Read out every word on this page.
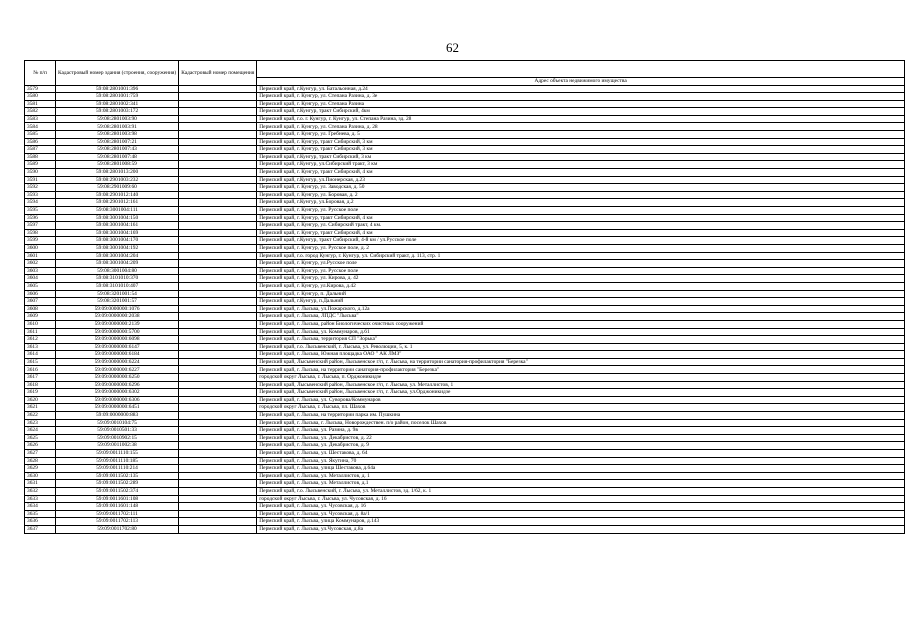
62
№ п/п	Кадастровый номер здания (строения, сооружения)	Кадастровый номер помещения	
			Адрес объекта недвижимого имущества
3579	59:08:2801001:396		Пермский край, г.Кунгур, ул. Батальонная, д.24
3580	59:08:2801001:759		Пермский край, г. Кунгур, ул. Степана Разина, д. 3е
3581	59:08:2801002:341		Пермский край, г. Кунгур, ул. Степана Разина
3582	59:08:2801003:172		Пермский край, г.Кунгур, тракт Сибирский, 4км
3583	59:08:2801003:90		Пермский край, г.о. г. Кунгур, г. Кунгур, ул. Степана Разина, зд. 28
3584	59:08:2801003:91		Пермский край, г. Кунгур, ул. Степана Разина, д. 28
3585	59:08:2801003:98		Пермский край, г. Кунгур, ул. Гребнева, д. 5
3586	59:08:2801007:21		Пермский край, г. Кунгур, тракт Сибирский, 3 км
3587	59:08:2801007:43		Пермский край, г. Кунгур, тракт Сибирский, 3 км
3588	59:08:2801007:48		Пермский край, г.Кунгур, тракт Сибирский, 3 км
3589	59:08:2801008:59		Пермский край, г.Кунгур, ул.Сибирский тракт, 3 км
3590	59:08:2801013:200		Пермский край, г. Кунгур, тракт Сибирский, 4 км
3591	59:08:2901003:232		Пермский край, г.Кунгур, ул.Пионерская, д.23
3592	59:08:2901009:60		Пермский край, г. Кунгур, ул. Заводская, д. 50
3593	59:08:2901012:140		Пермский край, г. Кунгур, ул. Боровая, д. 2
3594	59:08:2901012:161		Пермский край, г.Кунгур, ул.Боровая, д.2
3595	59:08:3001004:111		Пермский край, г. Кунгур, ул. Русское поле
3596	59:08:3001004:150		Пермский край, г. Кунгур, тракт Сибирский, 4 км
3597	59:08:3001004:161		Пермский край, г. Кунгур, ул. Сибирский тракт, 4 км.
3598	59:08:3001004:169		Пермский край, г. Кунгур, тракт Сибирский, 4 км
3599	59:08:3001004:170		Пермский край, г.Кунгур, тракт Сибирский, 4-й км / ул.Русское поле
3600	59:08:3001004:192		Пермский край, г. Кунгур, ул. Русское поле, д. 2
3601	59:08:3001004:204		Пермский край, г.о. город Кунгур, г. Кунгур, ул. Сибирский тракт, д. 113, стр. 1
3602	59:08:3001004:209		Пермский край, г. Кунгур, ул.Русское поле
3603	59:08:3001004:80		Пермский край, г. Кунгур, ул. Русское поле
3604	59:08:3101010:370		Пермский край, г. Кунгур, ул. Кирова, д. 42
3605	59:08:3101010:407		Пермский край, г. Кунгур, ул.Кирова, д.42
3606	59:08:3201001:54		Пермский край, г. Кунгур, п. Дальний
3607	59:08:3201001:57		Пермский край, г.Кунгур, п.Дальний
3608	59:09:0000000:1076		Пермский край, г. Лысьва, ул.Пожарского, д.12а
3609	59:09:0000000:2038		Пермский край, г. Лысьва, ЛПДС "Лысьва"
3610	59:09:0000000:2139		Пермский край, г. Лысьва, район Биологических очистных сооружений
3611	59:09:0000000:5700		Пермский край, г. Лысьва, ул. Коммунаров, д.61
3612	59:09:0000000:6098		Пермский край, г. Лысьва, территория СП "Зорька"
3613	59:09:0000000:6147		Пермский край, г.о. Лысьвенский, г. Лысьва, ул. Революции, 5, к. 1
3614	59:09:0000000:6184		Пермский край, г. Лысьва, Южная площадка ОАО " АК ЛМЗ"
3615	59:09:0000000:6224		Пермский край, Лысьвенский район, Лысьвенское г/п, г. Лысьва, на территории санатория-профилактория "Березка"
3616	59:09:0000000:6227		Пермский край, г. Лысьва, на территории санатория-профилактория "Березка"
3617	59:09:0000000:6250		городской округ Лысьва, г. Лысьва, п. Орджоникидзе
3618	59:09:0000000:6296		Пермский край, Лысьвенский район, Лысьвенское г/п, г. Лысьва, ул. Металлистов, 1
3619	59:09:0000000:6302		Пермский край, Лысьвенский район, Лысьвенское г/п, г. Лысьва, ул.Орджоникидзе
3620	59:09:0000000:6306		Пермский край, г. Лысьва, ул. Суворова/Коммунаров
3621	59:09:0000000:6451		городской округ Лысьва, г. Лысьва, пл. Шахов
3622	59:09:0000000:883		Пермский край, г. Лысьва, на территории парка им. Пушкина
3623	59:09:0010104:75		Пермский край, г. Лысьва, г. Лысьва, Новорождествен. п/о район, поселок Шахов
3624	59:09:0010501:33		Пермский край, г. Лысьва, ул. Разина, д. 9в
3625	59:09:0010902:15		Пермский край, г. Лысьва, ул. Декабристов, д. 22
3626	59:09:0011002:38		Пермский край, г. Лысьва, ул. Декабристов, д. 9
3627	59:09:0011110:155		Пермский край, г. Лысьва, ул. Шестакова, д. 64
3628	59:09:0011110:185		Пермский край, г. Лысьва, ул. Якутина, 70
3629	59:09:0011110:214		Пермский край, г. Лысьва, улица Шестакова, д.64а
3630	59:09:0011502:135		Пермский край, г. Лысьва, ул. Металлистов, д. 1
3631	59:09:0011502:289		Пермский край, г. Лысьва, ул. Металлистов, д.1
3632	59:09:0011502:374		Пермский край, г.о. Лысьвенский, г. Лысьва, ул. Металлистов, зд. 1/62, к. 1
3633	59:09:0011601:108		городской округ Лысьва, г. Лысьва, ул. Чусовская, д. 16
3634	59:09:0011601:148		Пермский край, г. Лысьва, ул. Чусовская, д. 16
3635	59:09:0011702:111		Пермский край, г. Лысьва, ул. Чусовская, д. 8а/1
3636	59:09:0011702:113		Пермский край, г. Лысьва, улица Коммунаров, д.143
3637	59:09:0011702:80		Пермский край, г. Лысьва, ул.Чусовская, д.8а
